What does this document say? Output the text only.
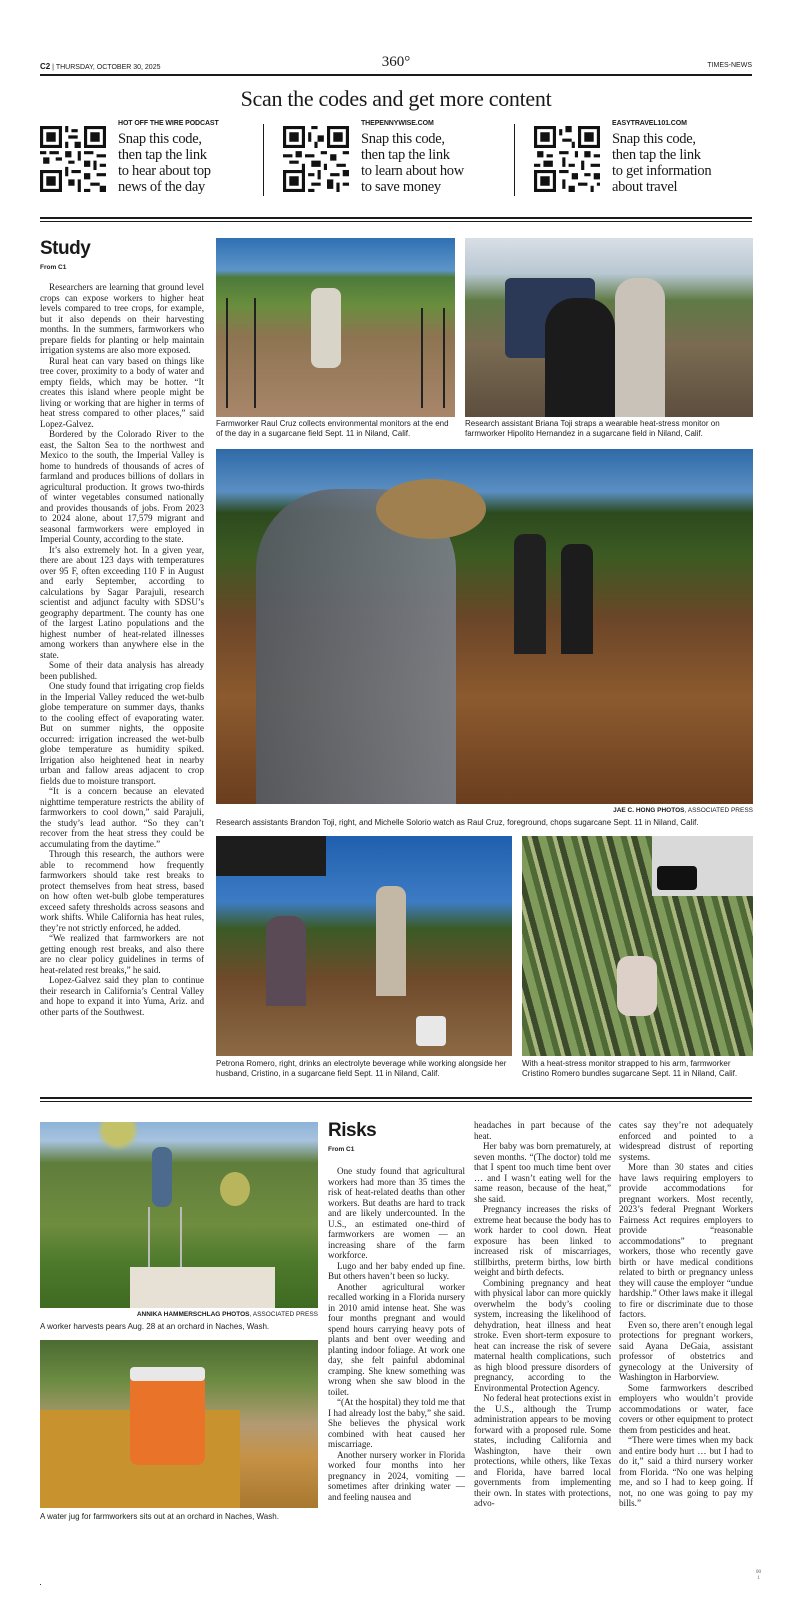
C2 | THURSDAY, OCTOBER 30, 2025	360°	TIMES-NEWS
Scan the codes and get more content
HOT OFF THE WIRE PODCAST
Snap this code,
then tap the link
to hear about top
news of the day
THEPENNYWISE.COM
Snap this code,
then tap the link
to learn about how
to save money
EASYTRAVEL101.COM
Snap this code,
then tap the link
to get information
about travel
Study
From C1

Researchers are learning that ground level crops can expose workers to higher heat levels compared to tree crops, for example, but it also depends on their harvesting months. In the summers, farmworkers who prepare fields for planting or help maintain irrigation systems are also more exposed.

Rural heat can vary based on things like tree cover, proximity to a body of water and empty fields, which may be hotter. “It creates this island where people might be living or working that are higher in terms of heat stress compared to other places,” said Lopez-Galvez.

Bordered by the Colorado River to the east, the Salton Sea to the northwest and Mexico to the south, the Imperial Valley is home to hundreds of thousands of acres of farmland and produces billions of dollars in agricultural production. It grows two-thirds of winter vegetables consumed nationally and provides thousands of jobs. From 2023 to 2024 alone, about 17,579 migrant and seasonal farmworkers were employed in Imperial County, according to the state.

It’s also extremely hot. In a given year, there are about 123 days with temperatures over 95 F, often exceeding 110 F in August and early September, according to calculations by Sagar Parajuli, research scientist and adjunct faculty with SDSU’s geography department. The county has one of the largest Latino populations and the highest number of heat-related illnesses among workers than anywhere else in the state.

Some of their data analysis has already been published.

One study found that irrigating crop fields in the Imperial Valley reduced the wet-bulb globe temperature on summer days, thanks to the cooling effect of evaporating water. But on summer nights, the opposite occurred: irrigation increased the wet-bulb globe temperature as humidity spiked. Irrigation also heightened heat in nearby urban and fallow areas adjacent to crop fields due to moisture transport.

“It is a concern because an elevated nighttime temperature restricts the ability of farmworkers to cool down,” said Parajuli, the study’s lead author. “So they can’t recover from the heat stress they could be accumulating from the daytime.”

Through this research, the authors were able to recommend how frequently farmworkers should take rest breaks to protect themselves from heat stress, based on how often wet-bulb globe temperatures exceed safety thresholds across seasons and work shifts. While California has heat rules, they’re not strictly enforced, he added.

“We realized that farmworkers are not getting enough rest breaks, and also there are no clear policy guidelines in terms of heat-related rest breaks,” he said.

Lopez-Galvez said they plan to continue their research in California’s Central Valley and hope to expand it into Yuma, Ariz. and other parts of the Southwest.

Farmworker Raul Cruz collects environmental monitors at the end of the day in a sugarcane field Sept. 11 in Niland, Calif.
Research assistant Briana Toji straps a wearable heat-stress monitor on farmworker Hipolito Hernandez in a sugarcane field in Niland, Calif.
JAE C. HONG PHOTOS, ASSOCIATED PRESS
Research assistants Brandon Toji, right, and Michelle Solorio watch as Raul Cruz, foreground, chops sugarcane Sept. 11 in Niland, Calif.
Petrona Romero, right, drinks an electrolyte beverage while working alongside her husband, Cristino, in a sugarcane field Sept. 11 in Niland, Calif.
With a heat-stress monitor strapped to his arm, farmworker Cristino Romero bundles sugarcane Sept. 11 in Niland, Calif.
ANNIKA HAMMERSCHLAG PHOTOS, ASSOCIATED PRESS
A worker harvests pears Aug. 28 at an orchard in Naches, Wash.
A water jug for farmworkers sits out at an orchard in Naches, Wash.
Risks
From C1

One study found that agricultural workers had more than 35 times the risk of heat-related deaths than other workers. But deaths are hard to track and are likely undercounted. In the U.S., an estimated one-third of farmworkers are women — an increasing share of the farm workforce.

Lugo and her baby ended up fine. But others haven’t been so lucky.

Another agricultural worker recalled working in a Florida nursery in 2010 amid intense heat. She was four months pregnant and would spend hours carrying heavy pots of plants and bent over weeding and planting indoor foliage. At work one day, she felt painful abdominal cramping. She knew something was wrong when she saw blood in the toilet.

“(At the hospital) they told me that I had already lost the baby,” she said. She believes the physical work combined with heat caused her miscarriage.

Another nursery worker in Florida worked four months into her pregnancy in 2024, vomiting — sometimes after drinking water — and feeling nausea and

headaches in part because of the heat.

Her baby was born prematurely, at seven months. “(The doctor) told me that I spent too much time bent over … and I wasn’t eating well for the same reason, because of the heat,” she said.

Pregnancy increases the risks of extreme heat because the body has to work harder to cool down. Heat exposure has been linked to increased risk of miscarriages, stillbirths, preterm births, low birth weight and birth defects.

Combining pregnancy and heat with physical labor can more quickly overwhelm the body’s cooling system, increasing the likelihood of dehydration, heat illness and heat stroke. Even short-term exposure to heat can increase the risk of severe maternal health complications, such as high blood pressure disorders of pregnancy, according to the Environmental Protection Agency.

No federal heat protections exist in the U.S., although the Trump administration appears to be moving forward with a proposed rule. Some states, including California and Washington, have their own protections, while others, like Texas and Florida, have barred local governments from implementing their own. In states with protections, advo-

cates say they’re not adequately enforced and pointed to a widespread distrust of reporting systems.

More than 30 states and cities have laws requiring employers to provide accommodations for pregnant workers. Most recently, 2023’s federal Pregnant Workers Fairness Act requires employers to provide “reasonable accommodations” to pregnant workers, those who recently gave birth or have medical conditions related to birth or pregnancy unless they will cause the employer “undue hardship.” Other laws make it illegal to fire or discriminate due to those factors.

Even so, there aren’t enough legal protections for pregnant workers, said Ayana DeGaia, assistant professor of obstetrics and gynecology at the University of Washington in Harborview.

Some farmworkers described employers who wouldn’t provide accommodations or water, face covers or other equipment to protect them from pesticides and heat.

“There were times when my back and entire body hurt … but I had to do it,” said a third nursery worker from Florida. “No one was helping me, and so I had to keep going. If not, no one was going to pay my bills.”

00
1
